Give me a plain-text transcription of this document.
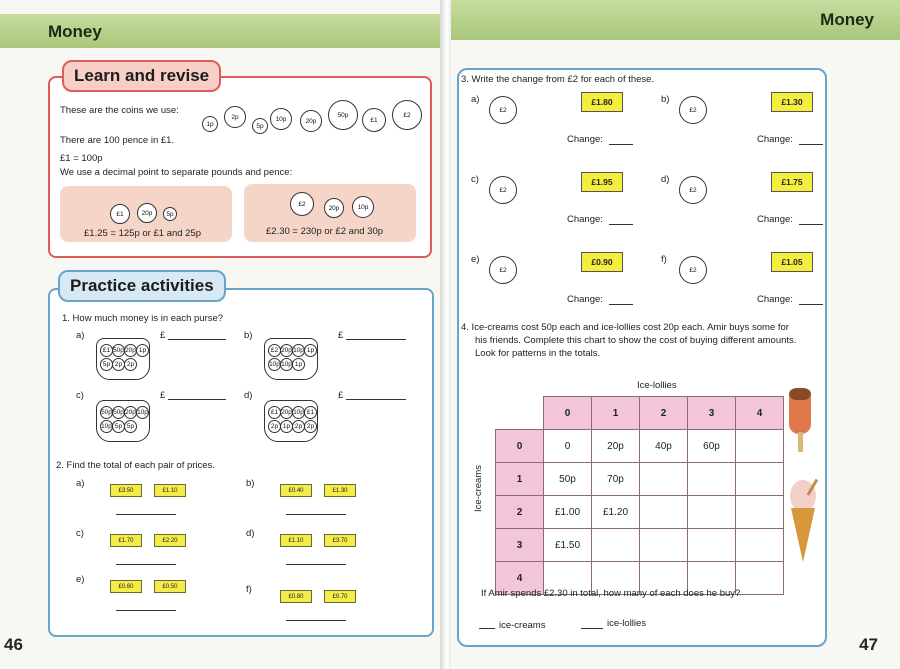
Money
Learn and revise
These are the coins we use:
1p
2p
5p
10p	20p
50p
£1
£2
There are 100 pence in £1.
£1 = 100p
We use a decimal point to separate pounds and pence:
£1	20p	5p
£1.25 = 125p or £1 and 25p
£2
20p	10p
£2.30 = 230p or £2 and 30p
Practice activities
1. How much money is in each purse?
a)	b)
c)	d)
£1 50p 20p 1p
5p 2p 2p
£2 20p 10p 1p
10p 10p 1p
50p 50p 20p 10p
10p 5p 5p
£1 20p 10p £1
2p 1p 2p 2p
£	£
£	£
2. Find the total of each pair of prices.
a)
£3.50	£1.10
b)
£0.40	£1.30
c)
£1.70	£2.20
d)
£1.10	£3.70
e)
£0.60	£0.50	f)
£0.80	£0.70
46
Money
3. Write the change from £2 for each of these.
a)
£2
£1.80
Change:
b)
£2
£1.30
Change:
c)
£2
£1.95
Change:
d)
£2
£1.75
Change:
e)
£2
£0.90
Change:
f)
£2
£1.05
Change:
4. Ice-creams cost 50p each and ice-lollies cost 20p each. Amir buys some for
his friends. Complete this chart to show the cost of buying different amounts.
Look for patterns in the totals.
Ice-lollies
Ice-creams
	0	1	2	3	4
0	0	20p	40p	60p	
1	50p	70p			
2	£1.00	£1.20			
3	£1.50				
4					
If Amir spends £2.30 in total, how many of each does he buy?
ice-creams	ice-lollies
47
